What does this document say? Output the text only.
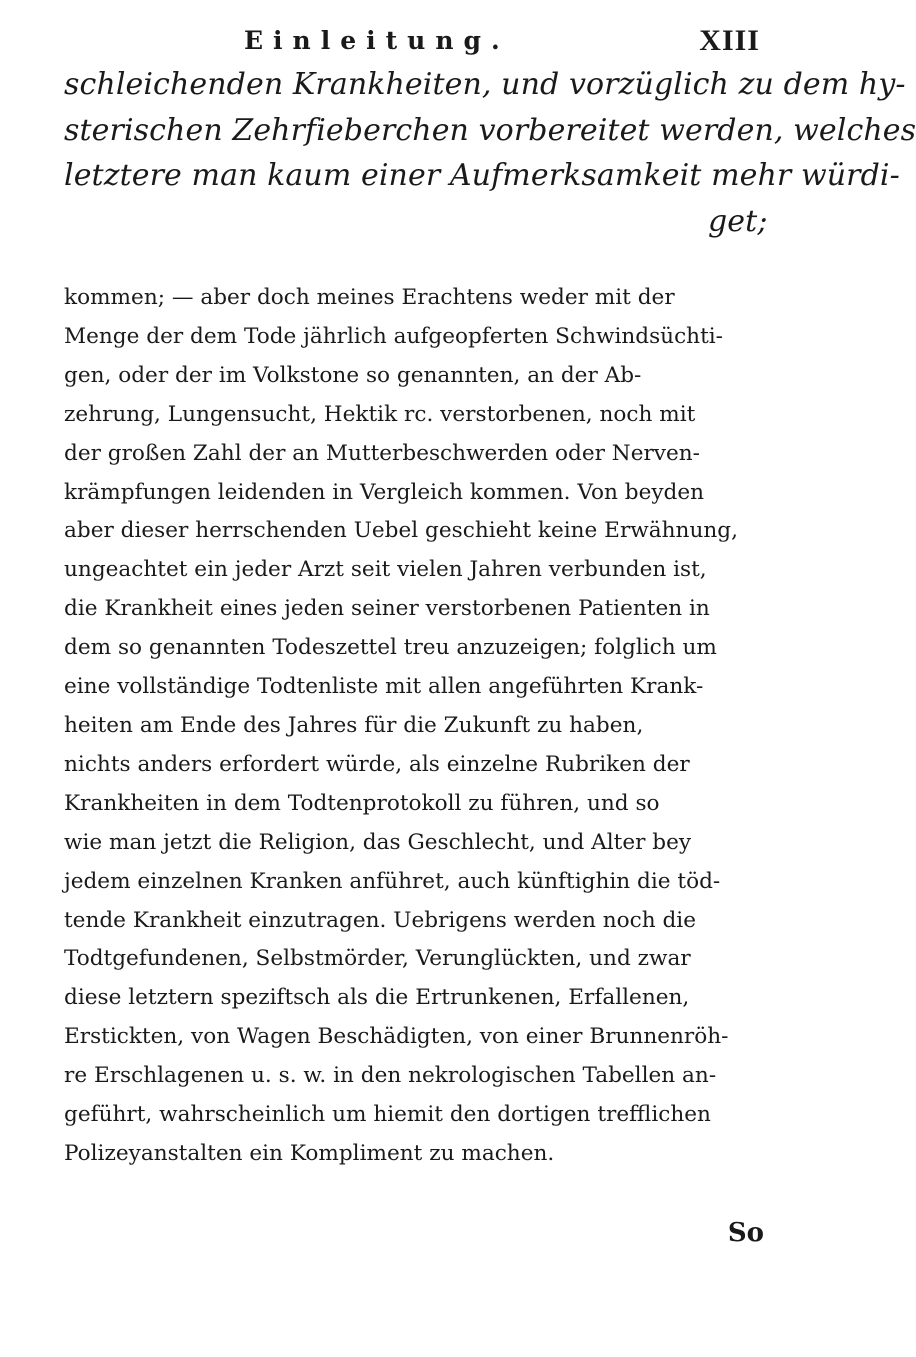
Einleitung.	XIII
schleichenden Krankheiten, und vorzüglich zu dem hy-
sterischen Zehrfieberchen vorbereitet werden, welches
letztere man kaum einer Aufmerksamkeit mehr würdi-
get;
kommen; — aber doch meines Erachtens weder mit der
Menge der dem Tode jährlich aufgeopferten Schwindsüchti-
gen, oder der im Volkstone so genannten, an der Ab-
zehrung, Lungensucht, Hektik rc. verstorbenen, noch mit
der großen Zahl der an Mutterbeschwerden oder Nerven-
krämpfungen leidenden in Vergleich kommen. Von beyden
aber dieser herrschenden Uebel geschieht keine Erwähnung,
ungeachtet ein jeder Arzt seit vielen Jahren verbunden ist,
die Krankheit eines jeden seiner verstorbenen Patienten in
dem so genannten Todeszettel treu anzuzeigen; folglich um
eine vollständige Todtenliste mit allen angeführten Krank-
heiten am Ende des Jahres für die Zukunft zu haben,
nichts anders erfordert würde, als einzelne Rubriken der
Krankheiten in dem Todtenprotokoll zu führen, und so
wie man jetzt die Religion, das Geschlecht, und Alter bey
jedem einzelnen Kranken anführet, auch künftighin die töd-
tende Krankheit einzutragen. Uebrigens werden noch die
Todtgefundenen, Selbstmörder, Verunglückten, und zwar
diese letztern speziftsch als die Ertrunkenen, Erfallenen,
Erstickten, von Wagen Beschädigten, von einer Brunnenröh-
re Erschlagenen u. s. w. in den nekrologischen Tabellen an-
geführt, wahrscheinlich um hiemit den dortigen trefflichen
Polizeyanstalten ein Kompliment zu machen.
So
